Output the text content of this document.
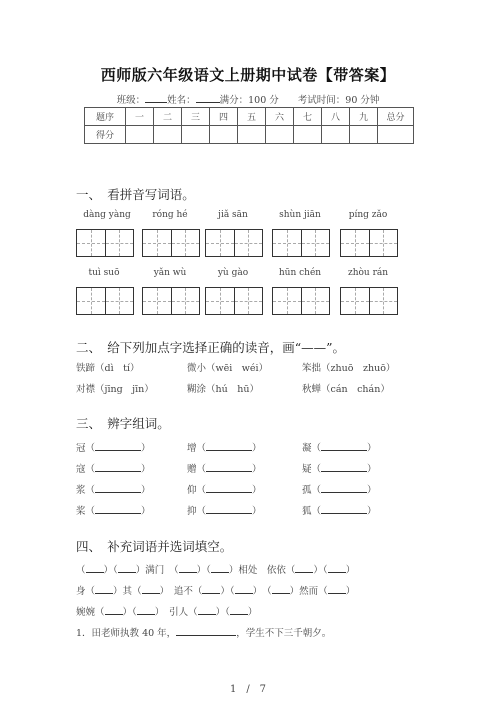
西师版六年级语文上册期中试卷【带答案】
班级： 姓名：	满分：100 分　　 考试时间：90 分钟
题序	一	二	三	四	五	六	七	八	九	总分
得分										
一、　看拼音写词语。
dàng yàng	róng hé	jiǎ sān	shùn jiān	píng zǎo
tuì suō	yǎn wù	yù gào	hūn chén	zhòu rán
二、　给下列加点字选择正确的读音，画“——”。
铁蹄（dì　tí）	微小（wēi　wéi）	笨拙（zhuō　zhuō）
对襟（jīng　jīn）	糊涂（hú　hū）	秋蝉（cán　chán）
三、　辨字组词。
冠（	）	增（	）	凝（	）
寇（	）	赠（	）	疑（	）
浆（	）	仰（	）	孤（	）
桨（	）	抑（	）	狐（	）
四、　补充词语并选词填空。
（ ）（ ）满门　（ ）（ ）相处　 依依（ ）（ ）
身（ ）其（ ）　追不（ ）（ ）　（ ）然而（ ）
婉婉（ ）（ ）　引人（ ）（ ）
1．田老师执教 40 年，	，学生不下三千朝夕。
1　/　7
